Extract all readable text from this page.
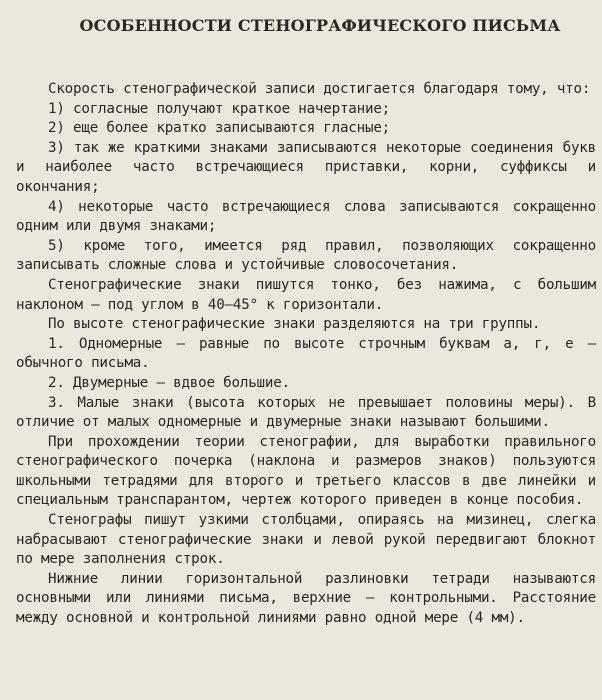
ОСОБЕННОСТИ СТЕНОГРАФИЧЕСКОГО ПИСЬМА

Скорость стенографической записи достигается благодаря тому, что:

1) согласные получают краткое начертание;

2) еще более кратко записываются гласные;

3) так же краткими знаками записываются некоторые соединения букв и наиболее часто встречающиеся приставки, корни, суффиксы и окончания;

4) некоторые часто встречающиеся слова записываются сокращенно одним или двумя знаками;

5) кроме того, имеется ряд правил, позволяющих сокращенно записывать сложные слова и устойчивые словосочетания.

Стенографические знаки пишутся тонко, без нажима, с большим наклоном — под углом в 40—45° к горизонтали.

По высоте стенографические знаки разделяются на три группы.

1. Одномерные — равные по высоте строчным буквам а, г, е — обычного письма.

2. Двумерные — вдвое большие.

3. Малые знаки (высота которых не превышает половины меры). В отличие от малых одномерные и двумерные знаки называют большими.

При прохождении теории стенографии, для выработки правильного стенографического почерка (наклона и размеров знаков) пользуются школьными тетрадями для второго и третьего классов в две линейки и специальным транспарантом, чертеж которого приведен в конце пособия.

Стенографы пишут узкими столбцами, опираясь на мизинец, слегка набрасывают стенографические знаки и левой рукой передвигают блокнот по мере заполнения строк.

Нижние линии горизонтальной разлиновки тетради называются основными или линиями письма, верхние — контрольными. Расстояние между основной и контрольной линиями равно одной мере (4 мм).
